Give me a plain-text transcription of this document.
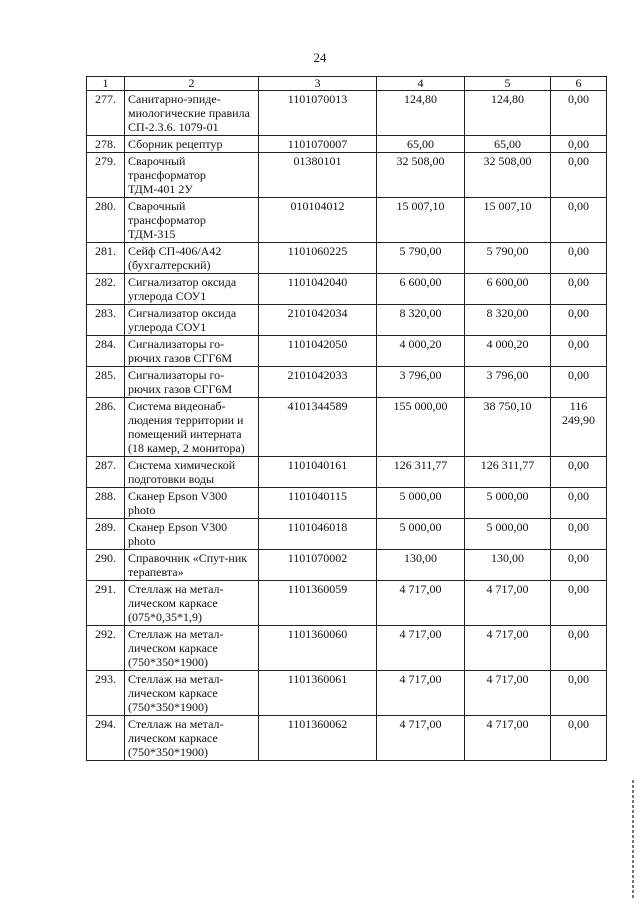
24
1	2	3	4	5	6
277.	Санитарно-эпиде-миологические правила СП-2.3.6. 1079-01	1101070013	124,80	124,80	0,00
278.	Сборник рецептур	1101070007	65,00	65,00	0,00
279.	Сварочный трансформатор ТДМ-401 2У	01380101	32 508,00	32 508,00	0,00
280.	Сварочный трансформатор ТДМ-315	010104012	15 007,10	15 007,10	0,00
281.	Сейф СП-406/А42 (бухгалтерский)	1101060225	5 790,00	5 790,00	0,00
282.	Сигнализатор оксида углерода СОУ1	1101042040	6 600,00	6 600,00	0,00
283.	Сигнализатор оксида углерода СОУ1	2101042034	8 320,00	8 320,00	0,00
284.	Сигнализаторы го-рючих газов СГГ6М	1101042050	4 000,20	4 000,20	0,00
285.	Сигнализаторы го-рючих газов СГГ6М	2101042033	3 796,00	3 796,00	0,00
286.	Система видеонаб-людения территории и помещений интерната (18 камер, 2 монитора)	4101344589	155 000,00	38 750,10	116 249,90
287.	Система химической подготовки воды	1101040161	126 311,77	126 311,77	0,00
288.	Сканер Epson V300 photo	1101040115	5 000,00	5 000,00	0,00
289.	Сканер Epson V300 photo	1101046018	5 000,00	5 000,00	0,00
290.	Справочник «Спут-ник терапевта»	1101070002	130,00	130,00	0,00
291.	Стеллаж на метал-лическом каркасе (075*0,35*1,9)	1101360059	4 717,00	4 717,00	0,00
292.	Стеллаж на метал-лическом каркасе (750*350*1900)	1101360060	4 717,00	4 717,00	0,00
293.	Стеллаж на метал-лическом каркасе (750*350*1900)	1101360061	4 717,00	4 717,00	0,00
294.	Стеллаж на метал-лическом каркасе (750*350*1900)	1101360062	4 717,00	4 717,00	0,00
